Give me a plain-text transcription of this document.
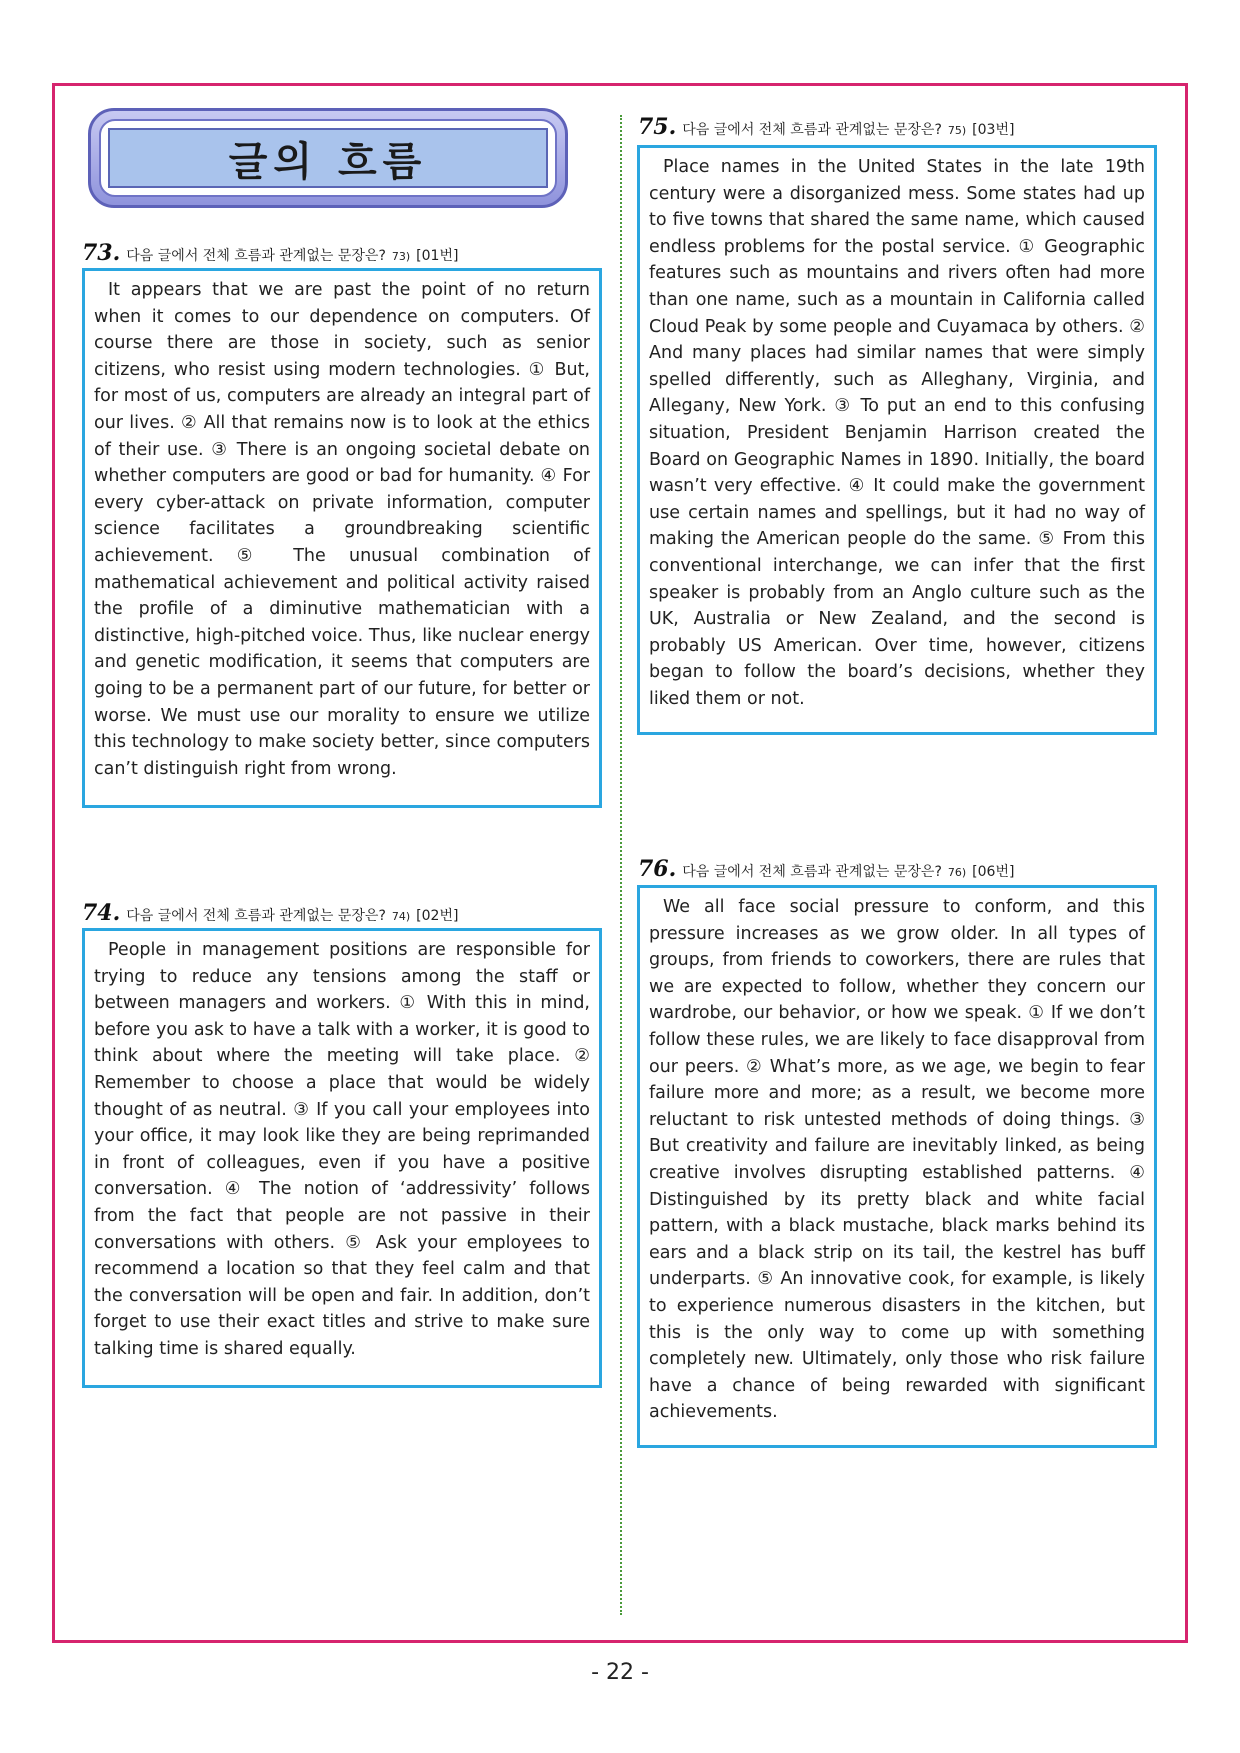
글의 흐름
73. 다음 글에서 전체 흐름과 관계없는 문장은? 73) [01번]

It appears that we are past the point of no return when it comes to our dependence on computers. Of course there are those in society, such as senior citizens, who resist using modern technologies. ① But, for most of us, computers are already an integral part of our lives. ② All that remains now is to look at the ethics of their use. ③ There is an ongoing societal debate on whether computers are good or bad for humanity. ④ For every cyber-attack on private information, computer science facilitates a groundbreaking scientific achievement. ⑤ The unusual combination of mathematical achievement and political activity raised the profile of a diminutive mathematician with a distinctive, high-pitched voice. Thus, like nuclear energy and genetic modification, it seems that computers are going to be a permanent part of our future, for better or worse. We must use our morality to ensure we utilize this technology to make society better, since computers can’t distinguish right from wrong.

74. 다음 글에서 전체 흐름과 관계없는 문장은? 74) [02번]

People in management positions are responsible for trying to reduce any tensions among the staff or between managers and workers. ① With this in mind, before you ask to have a talk with a worker, it is good to think about where the meeting will take place. ② Remember to choose a place that would be widely thought of as neutral. ③ If you call your employees into your office, it may look like they are being reprimanded in front of colleagues, even if you have a positive conversation. ④ The notion of ‘addressivity’ follows from the fact that people are not passive in their conversations with others. ⑤ Ask your employees to recommend a location so that they feel calm and that the conversation will be open and fair. In addition, don’t forget to use their exact titles and strive to make sure talking time is shared equally.

75. 다음 글에서 전체 흐름과 관계없는 문장은? 75) [03번]

Place names in the United States in the late 19th century were a disorganized mess. Some states had up to five towns that shared the same name, which caused endless problems for the postal service. ① Geographic features such as mountains and rivers often had more than one name, such as a mountain in California called Cloud Peak by some people and Cuyamaca by others. ② And many places had similar names that were simply spelled differently, such as Alleghany, Virginia, and Allegany, New York. ③ To put an end to this confusing situation, President Benjamin Harrison created the Board on Geographic Names in 1890. Initially, the board wasn’t very effective. ④ It could make the government use certain names and spellings, but it had no way of making the American people do the same. ⑤ From this conventional interchange, we can infer that the first speaker is probably from an Anglo culture such as the UK, Australia or New Zealand, and the second is probably US American. Over time, however, citizens began to follow the board’s decisions, whether they liked them or not.

76. 다음 글에서 전체 흐름과 관계없는 문장은? 76) [06번]

We all face social pressure to conform, and this pressure increases as we grow older. In all types of groups, from friends to coworkers, there are rules that we are expected to follow, whether they concern our wardrobe, our behavior, or how we speak. ① If we don’t follow these rules, we are likely to face disapproval from our peers. ② What’s more, as we age, we begin to fear failure more and more; as a result, we become more reluctant to risk untested methods of doing things. ③ But creativity and failure are inevitably linked, as being creative involves disrupting established patterns. ④ Distinguished by its pretty black and white facial pattern, with a black mustache, black marks behind its ears and a black strip on its tail, the kestrel has buff underparts. ⑤ An innovative cook, for example, is likely to experience numerous disasters in the kitchen, but this is the only way to come up with something completely new. Ultimately, only those who risk failure have a chance of being rewarded with significant achievements.

- 22 -
